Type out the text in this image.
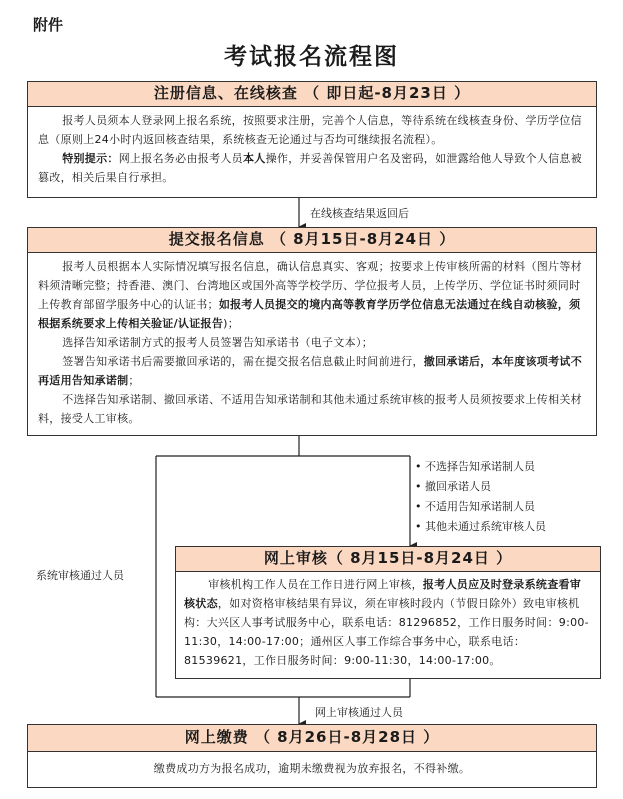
附件
考试报名流程图
注册信息、在线核查 （ 即日起-8月23日 ）

报考人员须本人登录网上报名系统，按照要求注册，完善个人信息，等待系统在线核查身份、学历学位信息（原则上24小时内返回核查结果，系统核查无论通过与否均可继续报名流程）。

特别提示：网上报名务必由报考人员本人操作，并妥善保管用户名及密码，如泄露给他人导致个人信息被篡改，相关后果自行承担。

在线核查结果返回后
提交报名信息 （ 8月15日-8月24日 ）

报考人员根据本人实际情况填写报名信息，确认信息真实、客观；按要求上传审核所需的材料（图片等材料须清晰完整；持香港、澳门、台湾地区或国外高等学校学历、学位报考人员，上传学历、学位证书时须同时上传教育部留学服务中心的认证书；如报考人员提交的境内高等教育学历学位信息无法通过在线自动核验，须根据系统要求上传相关验证/认证报告)；

选择告知承诺制方式的报考人员签署告知承诺书（电子文本）；

签署告知承诺书后需要撤回承诺的，需在提交报名信息截止时间前进行，撤回承诺后，本年度该项考试不再适用告知承诺制；

不选择告知承诺制、撤回承诺、不适用告知承诺制和其他未通过系统审核的报考人员须按要求上传相关材料，接受人工审核。

• 不选择告知承诺制人员
• 撤回承诺人员
• 不适用告知承诺制人员
• 其他未通过系统审核人员
系统审核通过人员
网上审核（ 8月15日-8月24日 ）

审核机构工作人员在工作日进行网上审核，报考人员应及时登录系统查看审核状态，如对资格审核结果有异议，须在审核时段内（节假日除外）致电审核机构：大兴区人事考试服务中心，联系电话：81296852，工作日服务时间：9:00-11:30，14:00-17:00；通州区人事工作综合事务中心，联系电话：81539621，工作日服务时间：9:00-11:30，14:00-17:00。

网上审核通过人员
网上缴费 （ 8月26日-8月28日 ）
缴费成功方为报名成功，逾期未缴费视为放弃报名，不得补缴。
